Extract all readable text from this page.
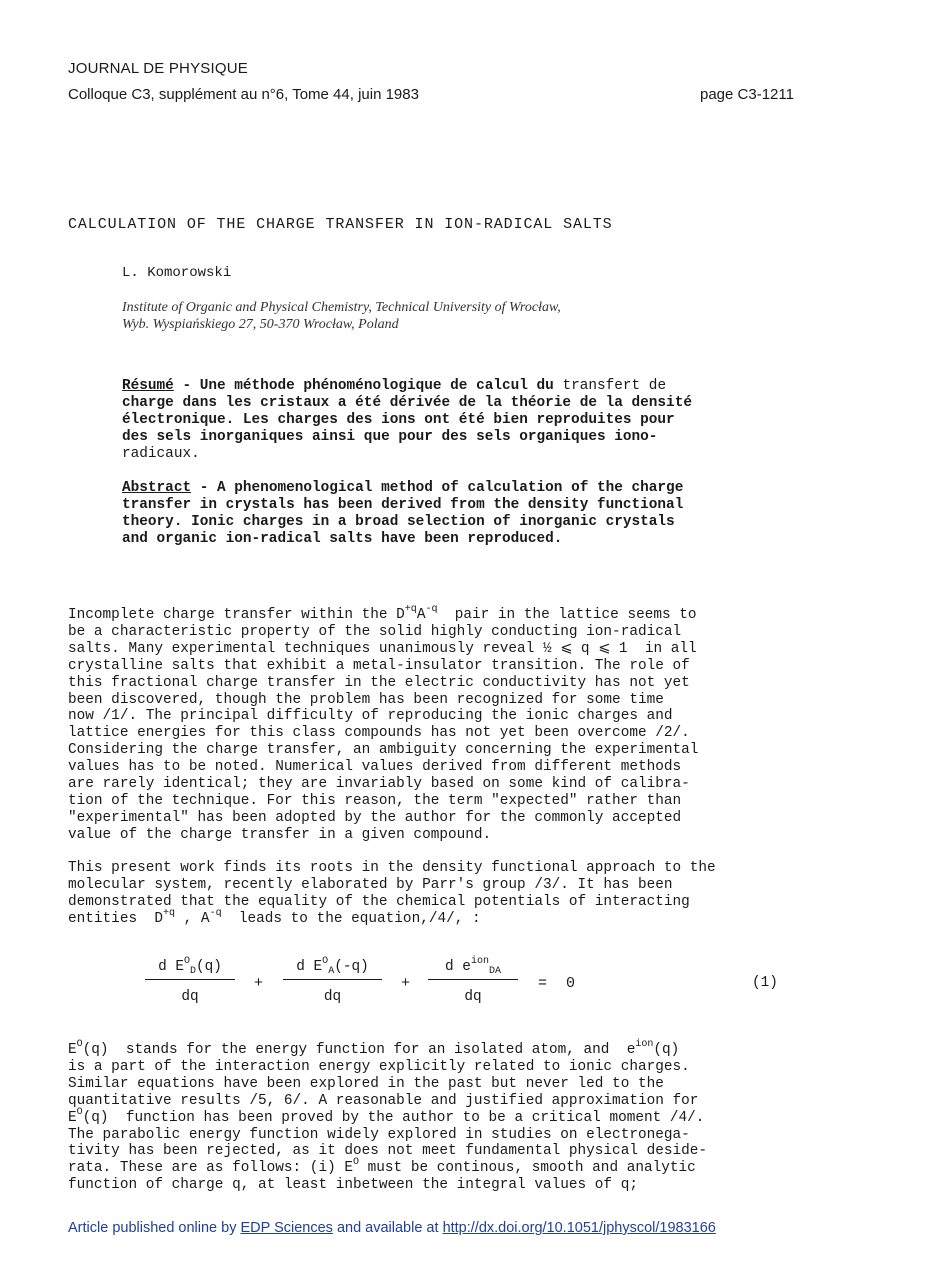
JOURNAL DE PHYSIQUE
Colloque C3, supplément au n°6, Tome 44, juin 1983	page C3-1211
CALCULATION OF THE CHARGE TRANSFER IN ION-RADICAL SALTS
L. Komorowski
Institute of Organic and Physical Chemistry, Technical University of Wrocław,
Wyb. Wyspiańskiego 27, 50-370 Wrocław, Poland
Résumé - Une méthode phénoménologique de calcul du transfert de
charge dans les cristaux a été dérivée de la théorie de la densité
électronique. Les charges des ions ont été bien reproduites pour
des sels inorganiques ainsi que pour des sels organiques iono-
radicaux.
Abstract - A phenomenological method of calculation of the charge
transfer in crystals has been derived from the density functional
theory. Ionic charges in a broad selection of inorganic crystals
and organic ion-radical salts have been reproduced.
Incomplete charge transfer within the $D^{+q}A^{-q}$  pair in the lattice seems to
be a characteristic property of the solid highly conducting ion-radical
salts. Many experimental techniques unanimously reveal ½ ⩽ q ⩽ 1  in all
crystalline salts that exhibit a metal-insulator transition. The role of
this fractional charge transfer in the electric conductivity has not yet
been discovered, though the problem has been recognized for some time
now /1/. The principal difficulty of reproducing the ionic charges and
lattice energies for this class compounds has not yet been overcome /2/.
Considering the charge transfer, an ambiguity concerning the experimental
values has to be noted. Numerical values derived from different methods
are rarely identical; they are invariably based on some kind of calibra-
tion of the technique. For this reason, the term "expected" rather than
"experimental" has been adopted by the author for the commonly accepted
value of the charge transfer in a given compound.
This present work finds its roots in the density functional approach to the
molecular system, recently elaborated by Parr's group /3/. It has been
demonstrated that the equality of the chemical potentials of interacting
entities  $D^{+q}$ , $A^{-q}$  leads to the equation,/4/, :
d $E^O_D(q)$
dq
+
d $E^O_A(-q)$
dq
+
d $e^{ion}_{DA}$
dq
= 0	(1)
$E^O(q)$  stands for the energy function for an isolated atom, and  $e^{ion}(q)$
is a part of the interaction energy explicitly related to ionic charges.
Similar equations have been explored in the past but never led to the
quantitative results /5, 6/. A reasonable and justified approximation for
$E^O(q)$  function has been proved by the author to be a critical moment /4/.
The parabolic energy function widely explored in studies on electronega-
tivity has been rejected, as it does not meet fundamental physical deside-
rata. These are as follows: (i) $E^O$ must be continous, smooth and analytic
function of charge q, at least inbetween the integral values of q;
Article published online by EDP Sciences and available at http://dx.doi.org/10.1051/jphyscol/1983166
